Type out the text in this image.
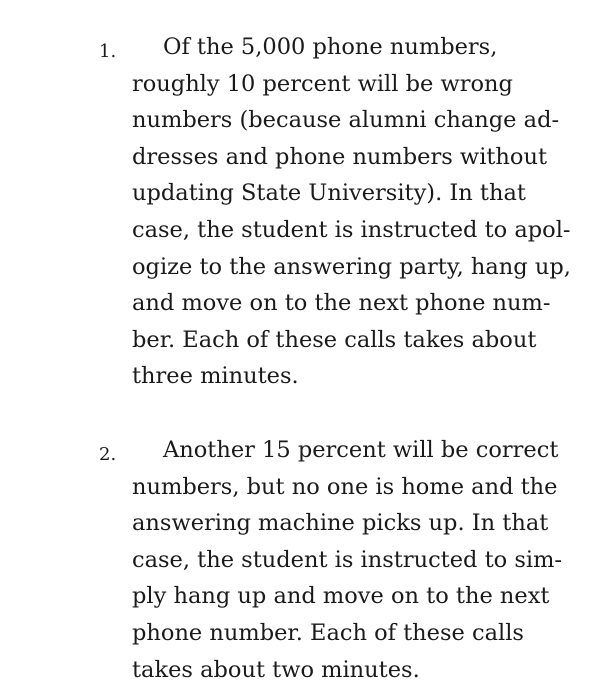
1. Of the 5,000 phone numbers,
roughly 10 percent will be wrong
numbers (because alumni change ad-
dresses and phone numbers without
updating State University). In that
case, the student is instructed to apol-
ogize to the answering party, hang up,
and move on to the next phone num-
ber. Each of these calls takes about
three minutes.
2. Another 15 percent will be correct
numbers, but no one is home and the
answering machine picks up. In that
case, the student is instructed to sim-
ply hang up and move on to the next
phone number. Each of these calls
takes about two minutes.
